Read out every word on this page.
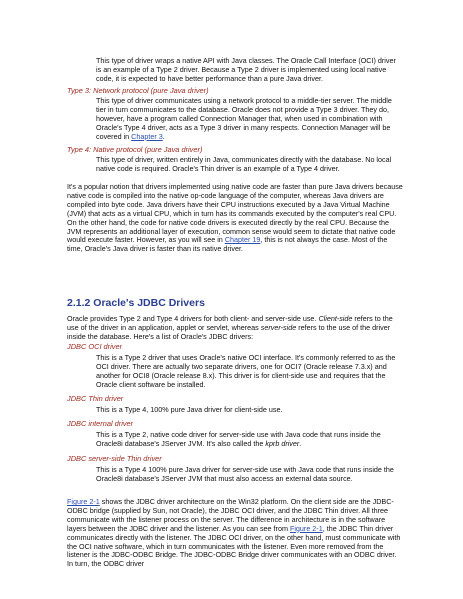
This type of driver wraps a native API with Java classes. The Oracle Call Interface (OCI) driver is an example of a Type 2 driver. Because a Type 2 driver is implemented using local native code, it is expected to have better performance than a pure Java driver.

Type 3: Network protocol (pure Java driver)

This type of driver communicates using a network protocol to a middle-tier server. The middle tier in turn communicates to the database. Oracle does not provide a Type 3 driver. They do, however, have a program called Connection Manager that, when used in combination with Oracle's Type 4 driver, acts as a Type 3 driver in many respects. Connection Manager will be covered in Chapter 3.

Type 4: Native protocol (pure Java driver)

This type of driver, written entirely in Java, communicates directly with the database. No local native code is required. Oracle's Thin driver is an example of a Type 4 driver.

It's a popular notion that drivers implemented using native code are faster than pure Java drivers because native code is compiled into the native op-code language of the computer, whereas Java drivers are compiled into byte code. Java drivers have their CPU instructions executed by a Java Virtual Machine (JVM) that acts as a virtual CPU, which in turn has its commands executed by the computer's real CPU. On the other hand, the code for native code drivers is executed directly by the real CPU. Because the JVM represents an additional layer of execution, common sense would seem to dictate that native code would execute faster. However, as you will see in Chapter 19, this is not always the case. Most of the time, Oracle's Java driver is faster than its native driver.

2.1.2 Oracle's JDBC Drivers

Oracle provides Type 2 and Type 4 drivers for both client- and server-side use. Client-side refers to the use of the driver in an application, applet or servlet, whereas server-side refers to the use of the driver inside the database. Here's a list of Oracle's JDBC drivers:

JDBC OCI driver

This is a Type 2 driver that uses Oracle's native OCI interface. It's commonly referred to as the OCI driver. There are actually two separate drivers, one for OCI7 (Oracle release 7.3.x) and another for OCI8 (Oracle release 8.x). This driver is for client-side use and requires that the Oracle client software be installed.

JDBC Thin driver

This is a Type 4, 100% pure Java driver for client-side use.

JDBC internal driver

This is a Type 2, native code driver for server-side use with Java code that runs inside the Oracle8i database's JServer JVM. It's also called the kprb driver.

JDBC server-side Thin driver

This is a Type 4 100% pure Java driver for server-side use with Java code that runs inside the Oracle8i database's JServer JVM that must also access an external data source.

Figure 2-1 shows the JDBC driver architecture on the Win32 platform. On the client side are the JDBC-ODBC bridge (supplied by Sun, not Oracle), the JDBC OCI driver, and the JDBC Thin driver. All three communicate with the listener process on the server. The difference in architecture is in the software layers between the JDBC driver and the listener. As you can see from Figure 2-1, the JDBC Thin driver communicates directly with the listener. The JDBC OCI driver, on the other hand, must communicate with the OCI native software, which in turn communicates with the listener. Even more removed from the listener is the JDBC-ODBC Bridge. The JDBC-ODBC Bridge driver communicates with an ODBC driver. In turn, the ODBC driver
